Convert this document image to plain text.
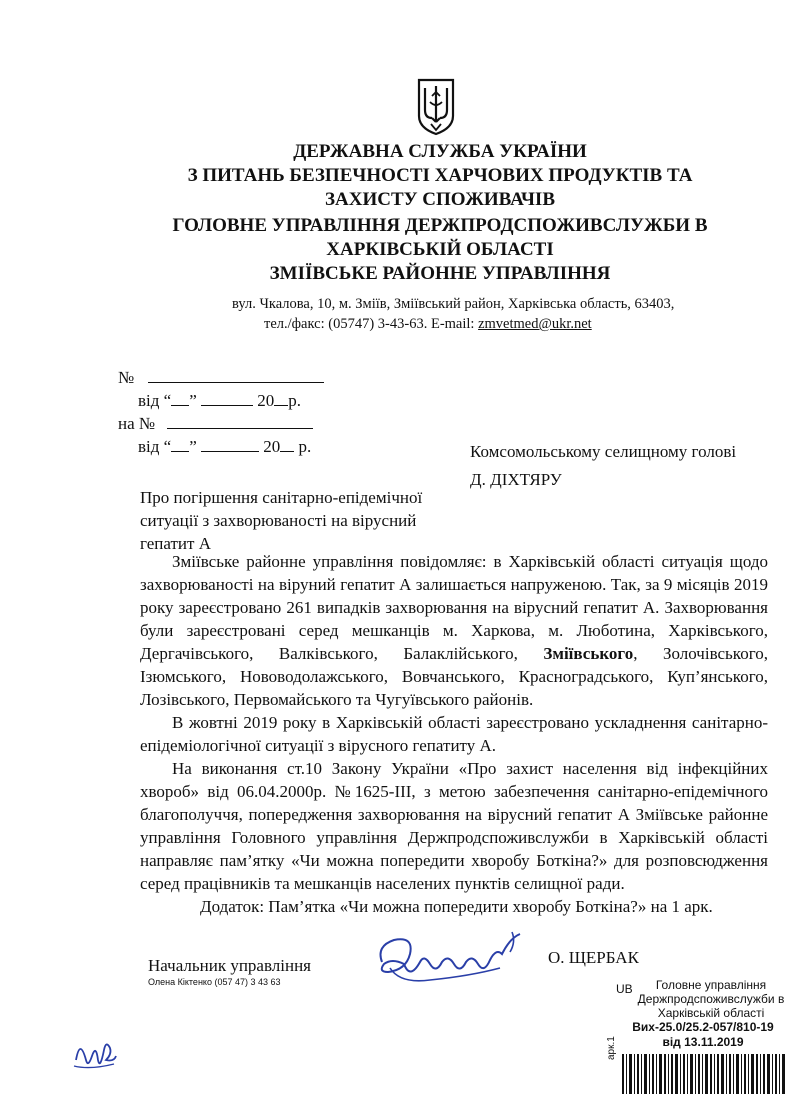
ДЕРЖАВНА СЛУЖБА УКРАЇНИ
З ПИТАНЬ БЕЗПЕЧНОСТІ ХАРЧОВИХ ПРОДУКТІВ ТА
ЗАХИСТУ СПОЖИВАЧІВ
ГОЛОВНЕ УПРАВЛІННЯ ДЕРЖПРОДСПОЖИВСЛУЖБИ В
ХАРКІВСЬКІЙ ОБЛАСТІ
ЗМІЇВСЬКЕ РАЙОННЕ УПРАВЛІННЯ
вул. Чкалова, 10, м. Зміїв, Зміївський район, Харківська область, 63403,
тел./факс: (05747) 3-43-63. E-mail: zmvetmed@ukr.net
№
від “ ”	20 р.
на №
від “ ”	20 р.	Комсомольському селищному голові
Д. ДІХТЯРУ
Про погіршення санітарно-епідемічної
ситуації з захворюваності на вірусний
гепатит А

Зміївське районне управління повідомляє: в Харківській області ситуація щодо захворюваності на віруний гепатит А залишається напруженою. Так, за 9 місяців 2019 року зареєстровано 261 випадків захворювання на вірусний гепатит А. Захворювання були зареєстровані серед мешканців м. Харкова, м. Люботина, Харківського, Дергачівського, Валківського, Балаклійського, Зміївського, Золочівського, Ізюмського, Нововодолажського, Вовчанського, Красноградського, Куп’янського, Лозівського, Первомайського та Чугуївського районів.

В жовтні 2019 року в Харківській області зареєстровано ускладнення санітарно-епідеміологічної ситуації з вірусного гепатиту А.

На виконання ст.10 Закону України «Про захист населення від інфекційних хвороб» від 06.04.2000р. №1625-ІІІ, з метою забезпечення санітарно-епідемічного благополуччя, попередження захворювання на вірусний гепатит А Зміївське районне управління Головного управління Держпродспоживслужби в Харківській області направляє пам’ятку «Чи можна попередити хворобу Боткіна?» для розповсюдження серед працівників та мешканців населених пунктів селищної ради.

Додаток: Пам’ятка «Чи можна попередити хворобу Боткіна?» на 1 арк.

Начальник управління
Олена Кіктенко (057 47) 3 43 63
О. ЩЕРБАК
UB	Головне управління
Держпродспоживслужби в
Харківській області
Вих-25.0/25.2-057/810-19
від 13.11.2019
арк.1
